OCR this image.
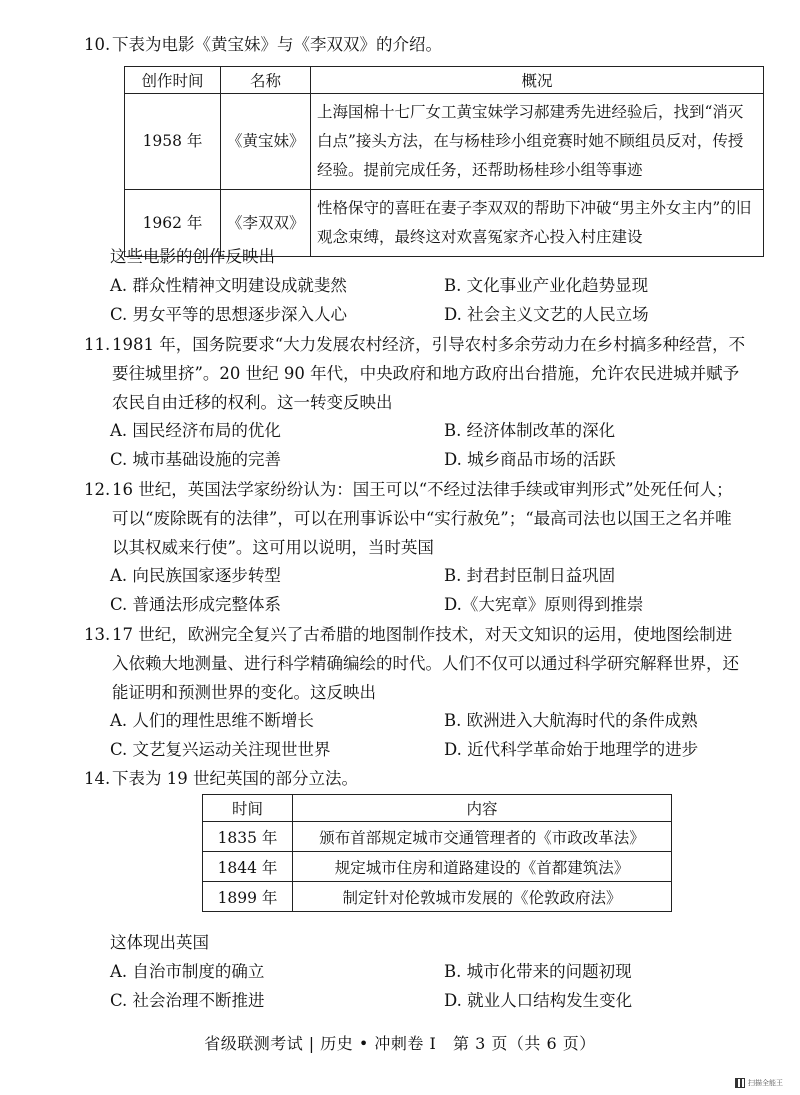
10. 下表为电影《黄宝妹》与《李双双》的介绍。
创作时间	名称	概况
1958 年	《黄宝妹》	上海国棉十七厂女工黄宝妹学习郝建秀先进经验后，找到“消灭白点”接头方法，在与杨桂珍小组竞赛时她不顾组员反对，传授经验。提前完成任务，还帮助杨桂珍小组等事迹
1962 年	《李双双》	性格保守的喜旺在妻子李双双的帮助下冲破“男主外女主内”的旧观念束缚，最终这对欢喜冤家齐心投入村庄建设
这些电影的创作反映出
A. 群众性精神文明建设成就斐然	B. 文化事业产业化趋势显现
C. 男女平等的思想逐步深入人心	D. 社会主义文艺的人民立场
11. 1981 年，国务院要求“大力发展农村经济，引导农村多余劳动力在乡村搞多种经营，不要往城里挤”。20 世纪 90 年代，中央政府和地方政府出台措施，允许农民进城并赋予农民自由迁移的权利。这一转变反映出
A. 国民经济布局的优化	B. 经济体制改革的深化
C. 城市基础设施的完善	D. 城乡商品市场的活跃
12. 16 世纪，英国法学家纷纷认为：国王可以“不经过法律手续或审判形式”处死任何人；可以“废除既有的法律”，可以在刑事诉讼中“实行赦免”；“最高司法也以国王之名并唯以其权威来行使”。这可用以说明，当时英国
A. 向民族国家逐步转型	B. 封君封臣制日益巩固
C. 普通法形成完整体系	D.《大宪章》原则得到推崇
13. 17 世纪，欧洲完全复兴了古希腊的地图制作技术，对天文知识的运用，使地图绘制进入依赖大地测量、进行科学精确编绘的时代。人们不仅可以通过科学研究解释世界，还能证明和预测世界的变化。这反映出
A. 人们的理性思维不断增长	B. 欧洲进入大航海时代的条件成熟
C. 文艺复兴运动关注现世世界	D. 近代科学革命始于地理学的进步
14. 下表为 19 世纪英国的部分立法。
时间	内容
1835 年	颁布首部规定城市交通管理者的《市政改革法》
1844 年	规定城市住房和道路建设的《首都建筑法》
1899 年	制定针对伦敦城市发展的《伦敦政府法》
这体现出英国
A. 自治市制度的确立	B. 城市化带来的问题初现
C. 社会治理不断推进	D. 就业人口结构发生变化
省级联测考试 | 历史 • 冲刺卷 Ⅰ   第 3 页（共 6 页）
扫描全能王
